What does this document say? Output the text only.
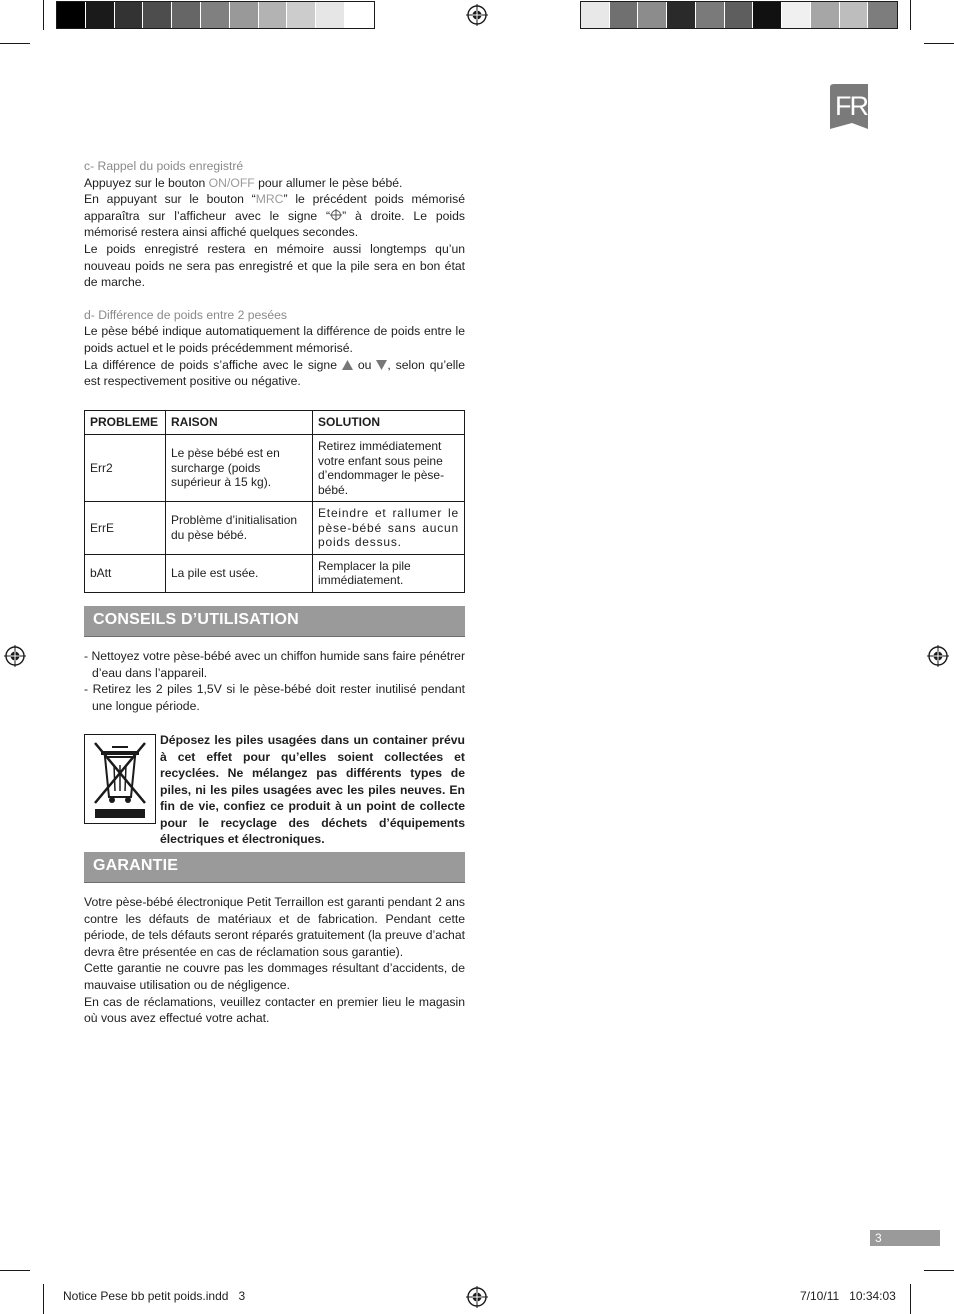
FR

c- Rappel du poids enregistré

Appuyez sur le bouton ON/OFF pour allumer le pèse bébé.

En appuyant sur le bouton “MRC” le précédent poids mémorisé apparaîtra sur l’afficheur avec le signe “ ” à droite. Le poids mémorisé restera ainsi affiché quelques secondes.

Le poids enregistré restera en mémoire aussi longtemps qu’un nouveau poids ne sera pas enregistré et que la pile sera en bon état de marche.

d- Différence de poids entre 2 pesées

Le pèse bébé indique automatiquement la différence de poids entre le poids actuel et le poids précédemment mémorisé.

La différence de poids s’affiche avec le signe  ou , selon qu’elle est respectivement positive ou négative.

PROBLEME	RAISON	SOLUTION
Err2	Le pèse bébé est en surcharge (poids supérieur à 15 kg).	Retirez immédiatement votre enfant sous peine d’endommager le pèse-bébé.
ErrE	Problème d’initialisation du pèse bébé.	Eteindre et rallumer le pèse-bébé sans aucun poids dessus.
bAtt	La pile est usée.	Remplacer la pile immédiatement.
CONSEILS D’UTILISATION

- Nettoyez votre pèse-bébé avec un chiffon humide sans faire pénétrer d’eau dans l’appareil.

- Retirez les 2 piles 1,5V si le pèse-bébé doit rester inutilisé pendant une longue période.

Déposez les piles usagées dans un container prévu à cet effet pour qu’elles soient collectées et recyclées. Ne mélangez pas différents types de piles, ni les piles usagées avec les piles neuves. En fin de vie, confiez ce produit à un point de collecte pour le recyclage des déchets d’équipements électriques et électroniques.
GARANTIE

Votre pèse-bébé électronique Petit Terraillon est garanti pendant 2 ans contre les défauts de matériaux et de fabrication. Pendant cette période, de tels défauts seront réparés gratuitement (la preuve d’achat devra être présentée en cas de réclamation sous garantie).

Cette garantie ne couvre pas les dommages résultant d’accidents, de mauvaise utilisation ou de négligence.

En cas de réclamations, veuillez contacter en premier lieu le magasin où vous avez effectué votre achat.

3
Notice Pese bb petit poids.indd   3	7/10/11   10:34:03
